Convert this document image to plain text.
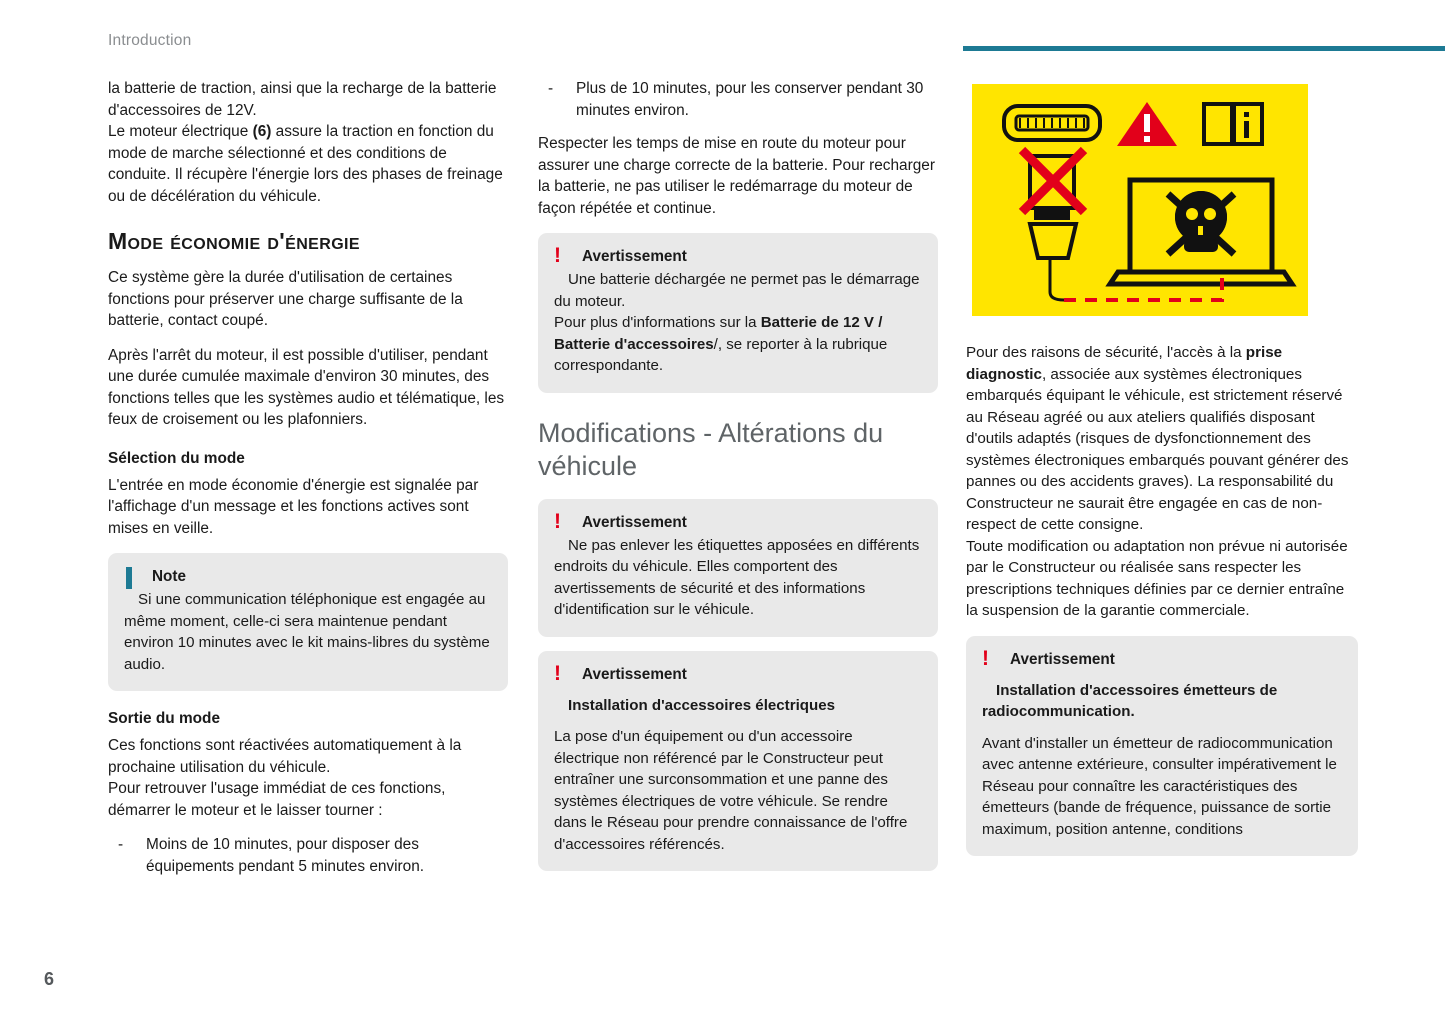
Introduction

la batterie de traction, ainsi que la recharge de la batterie d'accessoires de 12V.

Le moteur électrique (6) assure la traction en fonction du mode de marche sélectionné et des conditions de conduite. Il récupère l'énergie lors des phases de freinage ou de décélération du véhicule.

Mode économie d'énergie

Ce système gère la durée d'utilisation de certaines fonctions pour préserver une charge suffisante de la batterie, contact coupé.

Après l'arrêt du moteur, il est possible d'utiliser, pendant une durée cumulée maximale d'environ 30 minutes, des fonctions telles que les systèmes audio et télématique, les feux de croisement ou les plafonniers.

Sélection du mode

L'entrée en mode économie d'énergie est signalée par l'affichage d'un message et les fonctions actives sont mises en veille.

Note

Si une communication téléphonique est engagée au même moment, celle-ci sera maintenue pendant environ 10 minutes avec le kit mains-libres du système audio.

Sortie du mode

Ces fonctions sont réactivées automatiquement à la prochaine utilisation du véhicule.

Pour retrouver l'usage immédiat de ces fonctions, démarrer le moteur et le laisser tourner :

- Moins de 10 minutes, pour disposer des équipements pendant 5 minutes environ.
- Plus de 10 minutes, pour les conserver pendant 30 minutes environ.

Respecter les temps de mise en route du moteur pour assurer une charge correcte de la batterie. Pour recharger la batterie, ne pas utiliser le redémarrage du moteur de façon répétée et continue.

! Avertissement

Une batterie déchargée ne permet pas le démarrage du moteur.

Pour plus d'informations sur la Batterie de 12 V / Batterie d'accessoires/, se reporter à la rubrique correspondante.

Modifications - Altérations du véhicule
! Avertissement

Ne pas enlever les étiquettes apposées en différents endroits du véhicule. Elles comportent des avertissements de sécurité et des informations d'identification sur le véhicule.

! Avertissement

Installation d'accessoires électriques

La pose d'un équipement ou d'un accessoire électrique non référencé par le Constructeur peut entraîner une surconsommation et une panne des systèmes électriques de votre véhicule. Se rendre dans le Réseau pour prendre connaissance de l'offre d'accessoires référencés.

Pour des raisons de sécurité, l'accès à la prise diagnostic, associée aux systèmes électroniques embarqués équipant le véhicule, est strictement réservé au Réseau agréé ou aux ateliers qualifiés disposant d'outils adaptés (risques de dysfonctionnement des systèmes électroniques embarqués pouvant générer des pannes ou des accidents graves). La responsabilité du Constructeur ne saurait être engagée en cas de non-respect de cette consigne.

Toute modification ou adaptation non prévue ni autorisée par le Constructeur ou réalisée sans respecter les prescriptions techniques définies par ce dernier entraîne la suspension de la garantie commerciale.

! Avertissement

Installation d'accessoires émetteurs de radiocommunication.

Avant d'installer un émetteur de radiocommunication avec antenne extérieure, consulter impérativement le Réseau pour connaître les caractéristiques des émetteurs (bande de fréquence, puissance de sortie maximum, position antenne, conditions

6
